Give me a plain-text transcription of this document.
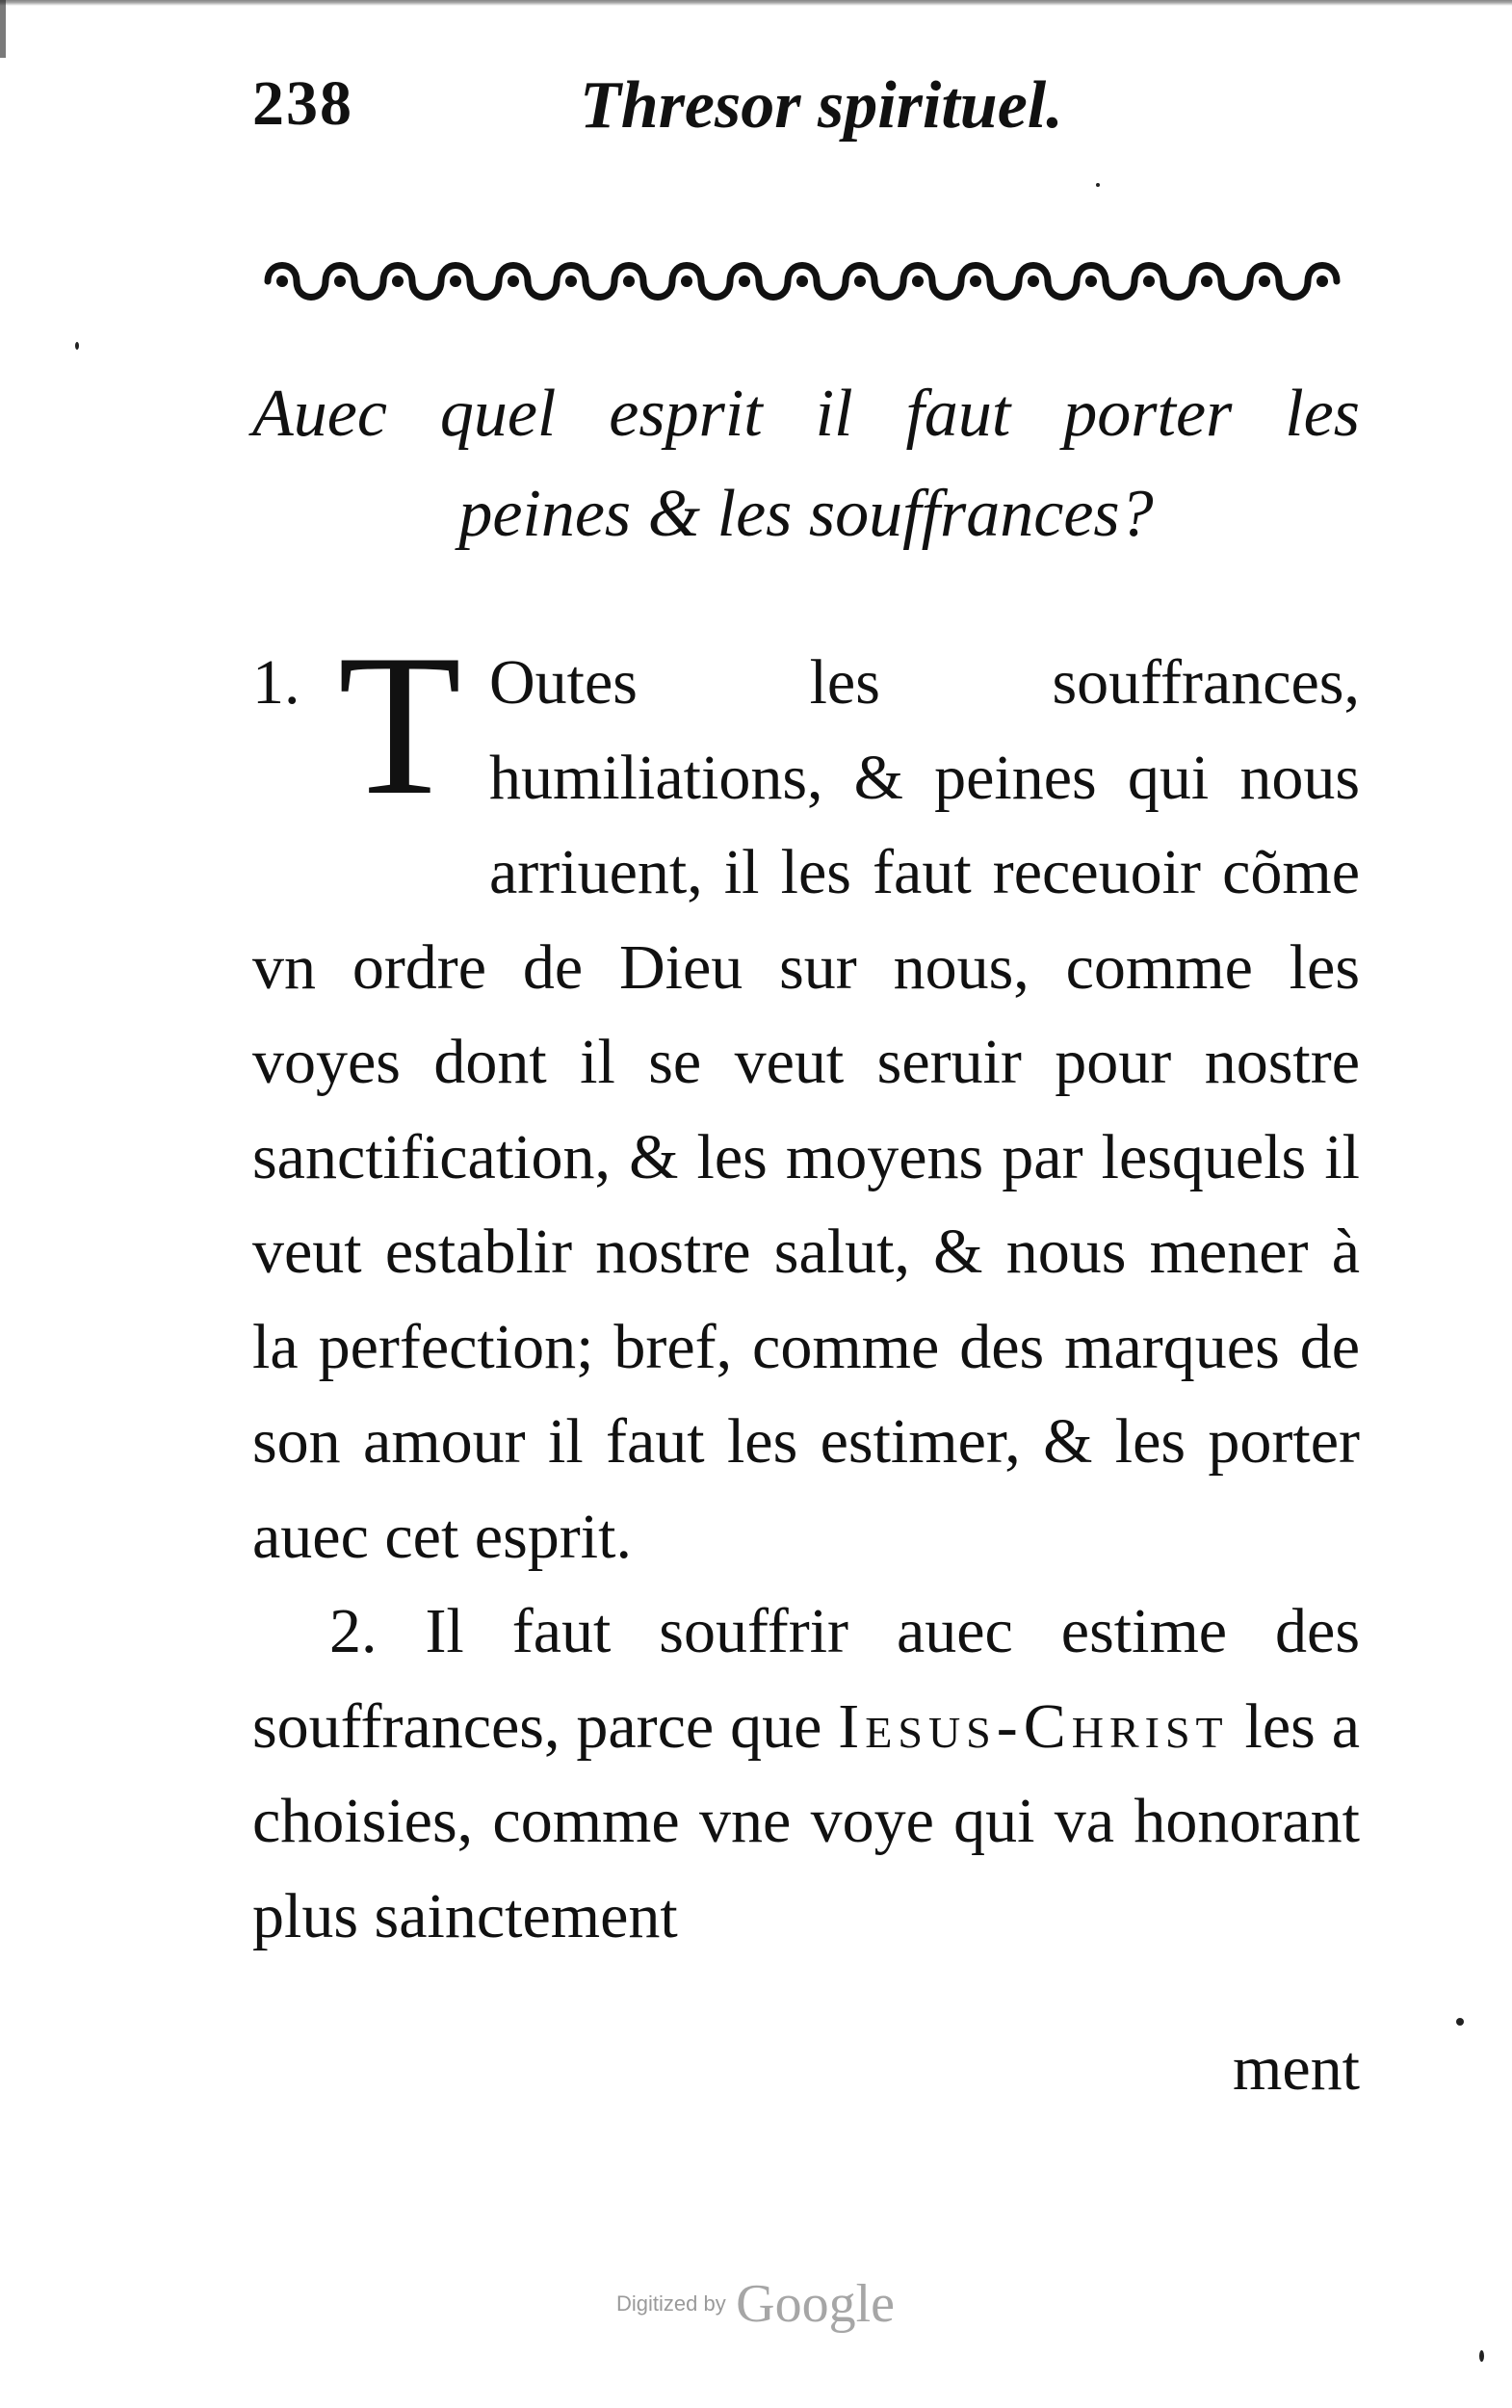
238	Thresor spirituel.
Auec quel esprit il faut porter les
peines & les souffrances?

1. T Outes les souffrances, humiliations, & peines qui nous arriuent, il les faut receuoir cõme vn ordre de Dieu sur nous, comme les voyes dont il se veut seruir pour nostre sanctification, & les moyens par lesquels il veut establir nostre salut, & nous mener à la perfection; bref, comme des marques de son amour il faut les estimer, & les porter auec cet esprit.

2. Il faut souffrir auec estime des souffrances, parce que Iesus-Christ les a choisies, comme vne voye qui va honorant plus sainctement

ment
Digitized by Google
